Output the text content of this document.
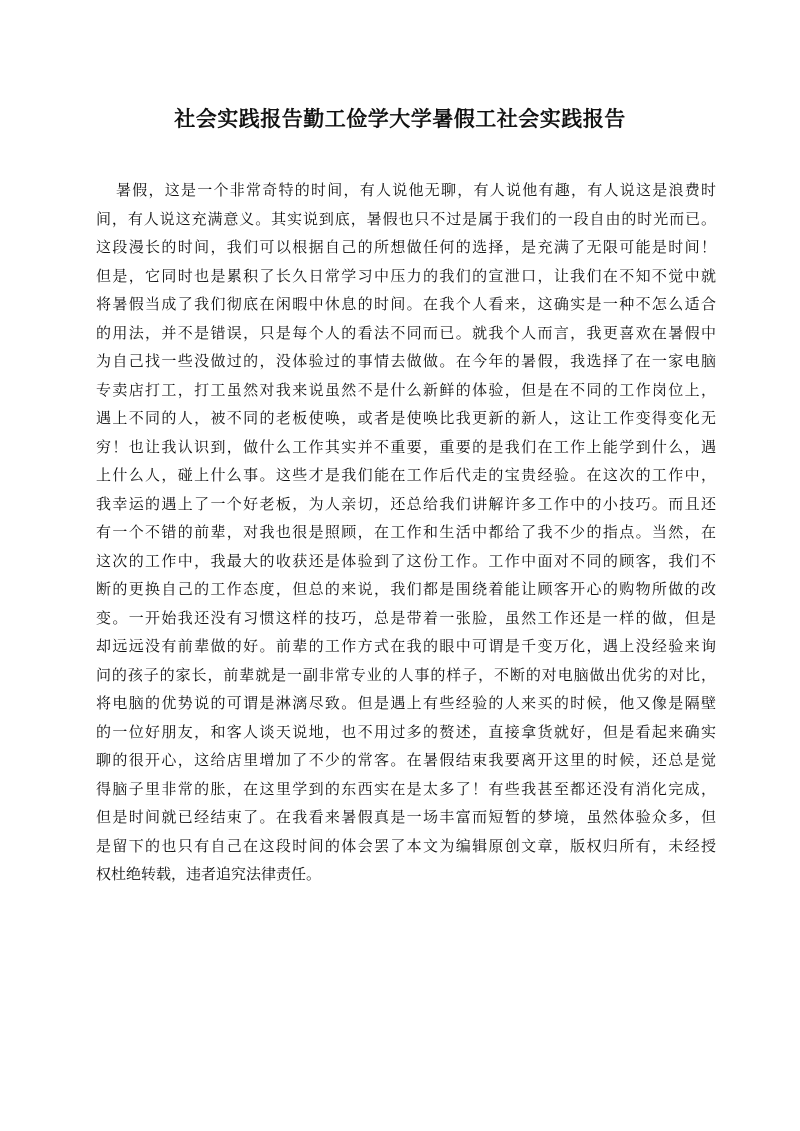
社会实践报告勤工俭学大学暑假工社会实践报告
暑假，这是一个非常奇特的时间，有人说他无聊，有人说他有趣，有人说这是浪费时
间，有人说这充满意义。其实说到底，暑假也只不过是属于我们的一段自由的时光而已。
这段漫长的时间，我们可以根据自己的所想做任何的选择，是充满了无限可能是时间！
但是，它同时也是累积了长久日常学习中压力的我们的宣泄口，让我们在不知不觉中就
将暑假当成了我们彻底在闲暇中休息的时间。在我个人看来，这确实是一种不怎么适合
的用法，并不是错误，只是每个人的看法不同而已。就我个人而言，我更喜欢在暑假中
为自己找一些没做过的，没体验过的事情去做做。在今年的暑假，我选择了在一家电脑
专卖店打工，打工虽然对我来说虽然不是什么新鲜的体验，但是在不同的工作岗位上，
遇上不同的人，被不同的老板使唤，或者是使唤比我更新的新人，这让工作变得变化无
穷！也让我认识到，做什么工作其实并不重要，重要的是我们在工作上能学到什么，遇
上什么人，碰上什么事。这些才是我们能在工作后代走的宝贵经验。在这次的工作中，
我幸运的遇上了一个好老板，为人亲切，还总给我们讲解许多工作中的小技巧。而且还
有一个不错的前辈，对我也很是照顾，在工作和生活中都给了我不少的指点。当然，在
这次的工作中，我最大的收获还是体验到了这份工作。工作中面对不同的顾客，我们不
断的更换自己的工作态度，但总的来说，我们都是围绕着能让顾客开心的购物所做的改
变。一开始我还没有习惯这样的技巧，总是带着一张脸，虽然工作还是一样的做，但是
却远远没有前辈做的好。前辈的工作方式在我的眼中可谓是千变万化，遇上没经验来询
问的孩子的家长，前辈就是一副非常专业的人事的样子，不断的对电脑做出优劣的对比，
将电脑的优势说的可谓是淋漓尽致。但是遇上有些经验的人来买的时候，他又像是隔壁
的一位好朋友，和客人谈天说地，也不用过多的赘述，直接拿货就好，但是看起来确实
聊的很开心，这给店里增加了不少的常客。在暑假结束我要离开这里的时候，还总是觉
得脑子里非常的胀，在这里学到的东西实在是太多了！有些我甚至都还没有消化完成，
但是时间就已经结束了。在我看来暑假真是一场丰富而短暂的梦境，虽然体验众多，但
是留下的也只有自己在这段时间的体会罢了本文为编辑原创文章，版权归所有，未经授
权杜绝转载，违者追究法律责任。
